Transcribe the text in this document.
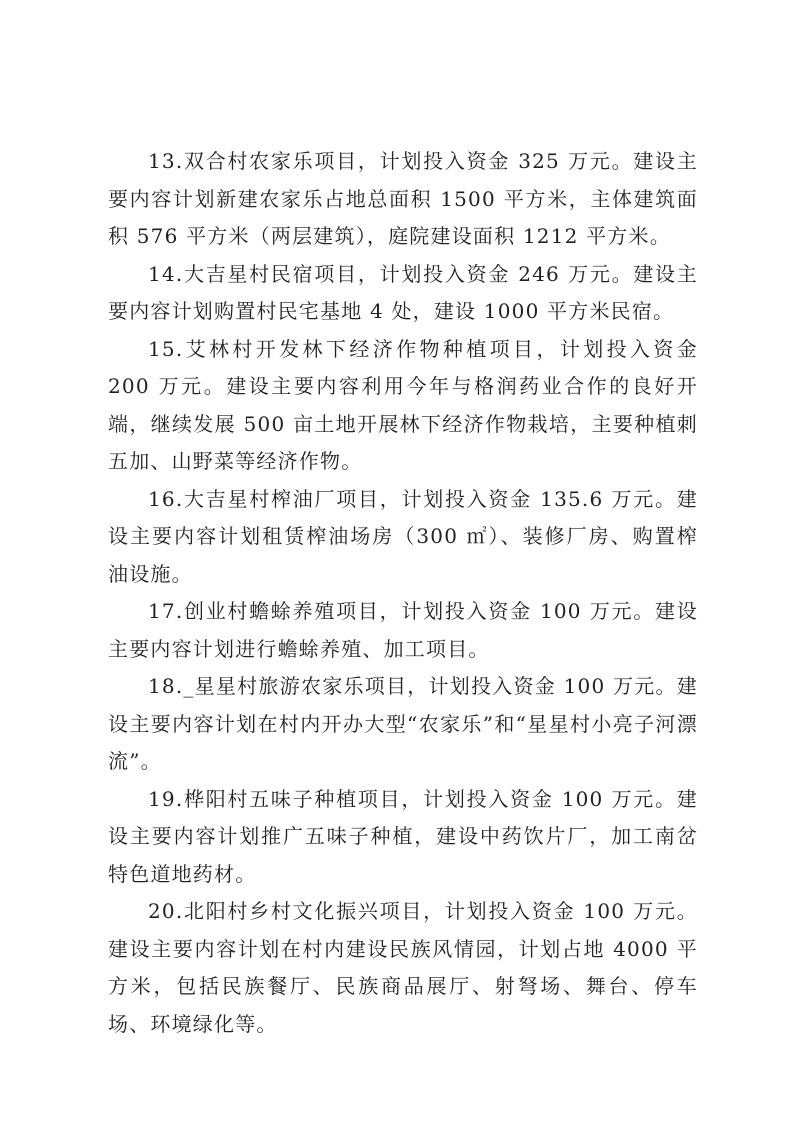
13.双合村农家乐项目，计划投入资金 325 万元。建设主要内容计划新建农家乐占地总面积 1500 平方米，主体建筑面积 576 平方米（两层建筑），庭院建设面积 1212 平方米。

14.大吉星村民宿项目，计划投入资金 246 万元。建设主要内容计划购置村民宅基地 4 处，建设 1000 平方米民宿。

15.艾林村开发林下经济作物种植项目，计划投入资金 200 万元。建设主要内容利用今年与格润药业合作的良好开端，继续发展 500 亩土地开展林下经济作物栽培，主要种植刺五加、山野菜等经济作物。

16.大吉星村榨油厂项目，计划投入资金 135.6 万元。建设主要内容计划租赁榨油场房（300 ㎡）、装修厂房、购置榨油设施。

17.创业村蟾蜍养殖项目，计划投入资金 100 万元。建设主要内容计划进行蟾蜍养殖、加工项目。

18._星星村旅游农家乐项目，计划投入资金 100 万元。建设主要内容计划在村内开办大型“农家乐”和“星星村小亮子河漂流”。

19.桦阳村五味子种植项目，计划投入资金 100 万元。建设主要内容计划推广五味子种植，建设中药饮片厂，加工南岔特色道地药材。

20.北阳村乡村文化振兴项目，计划投入资金 100 万元。建设主要内容计划在村内建设民族风情园，计划占地 4000 平方米，包括民族餐厅、民族商品展厅、射弩场、舞台、停车场、环境绿化等。
